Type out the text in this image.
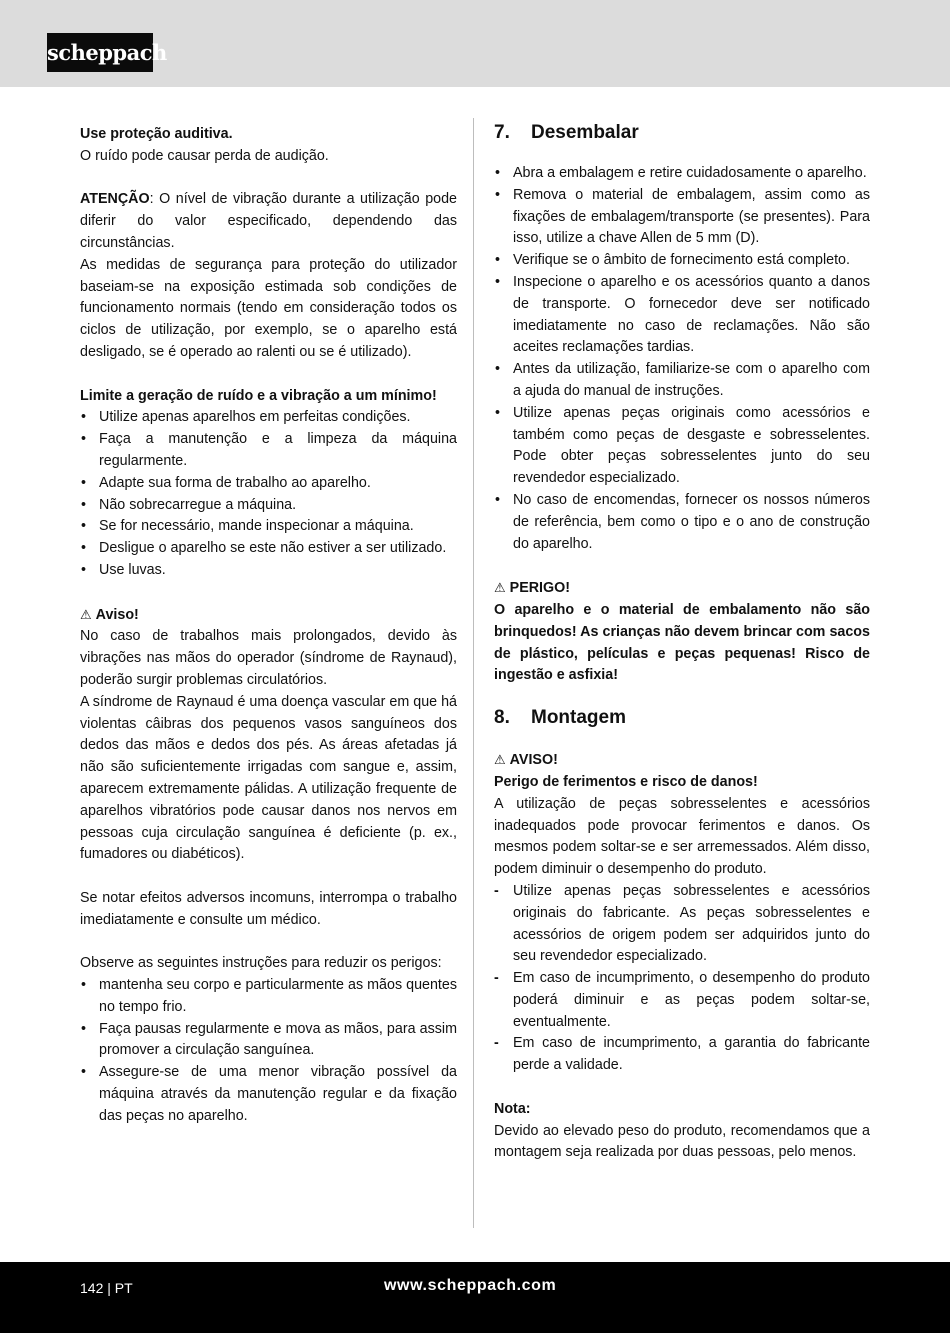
scheppach

Use proteção auditiva.

O ruído pode causar perda de audição.

ATENÇÃO: O nível de vibração durante a utilização pode diferir do valor especificado, dependendo das circunstâncias.

As medidas de segurança para proteção do utilizador baseiam-se na exposição estimada sob condições de funcionamento normais (tendo em consideração todos os ciclos de utilização, por exemplo, se o aparelho está desligado, se é operado ao ralenti ou se é utilizado).

Limite a geração de ruído e a vibração a um mínimo!

• Utilize apenas aparelhos em perfeitas condições.
• Faça a manutenção e a limpeza da máquina regularmente.
• Adapte sua forma de trabalho ao aparelho.
• Não sobrecarregue a máquina.
• Se for necessário, mande inspecionar a máquina.
• Desligue o aparelho se este não estiver a ser utilizado.
• Use luvas.

⚠ Aviso!

No caso de trabalhos mais prolongados, devido às vibrações nas mãos do operador (síndrome de Raynaud), poderão surgir problemas circulatórios.

A síndrome de Raynaud é uma doença vascular em que há violentas câibras dos pequenos vasos sanguíneos dos dedos das mãos e dedos dos pés. As áreas afetadas já não são suficientemente irrigadas com sangue e, assim, aparecem extremamente pálidas. A utilização frequente de aparelhos vibratórios pode causar danos nos nervos em pessoas cuja circulação sanguínea é deficiente (p. ex., fumadores ou diabéticos).

Se notar efeitos adversos incomuns, interrompa o trabalho imediatamente e consulte um médico.

Observe as seguintes instruções para reduzir os perigos:

• mantenha seu corpo e particularmente as mãos quentes no tempo frio.
• Faça pausas regularmente e mova as mãos, para assim promover a circulação sanguínea.
• Assegure-se de uma menor vibração possível da máquina através da manutenção regular e da fixação das peças no aparelho.
7. Desembalar
• Abra a embalagem e retire cuidadosamente o aparelho.
• Remova o material de embalagem, assim como as fixações de embalagem/transporte (se presentes). Para isso, utilize a chave Allen de 5 mm (D).
• Verifique se o âmbito de fornecimento está completo.
• Inspecione o aparelho e os acessórios quanto a danos de transporte. O fornecedor deve ser notificado imediatamente no caso de reclamações. Não são aceites reclamações tardias.
• Antes da utilização, familiarize-se com o aparelho com a ajuda do manual de instruções.
• Utilize apenas peças originais como acessórios e também como peças de desgaste e sobresselentes. Pode obter peças sobresselentes junto do seu revendedor especializado.
• No caso de encomendas, fornecer os nossos números de referência, bem como o tipo e o ano de construção do aparelho.

⚠ PERIGO!

O aparelho e o material de embalamento não são brinquedos! As crianças não devem brincar com sacos de plástico, películas e peças pequenas! Risco de ingestão e asfixia!

8. Montagem

⚠ AVISO!

Perigo de ferimentos e risco de danos!

A utilização de peças sobresselentes e acessórios inadequados pode provocar ferimentos e danos. Os mesmos podem soltar-se e ser arremessados. Além disso, podem diminuir o desempenho do produto.

- Utilize apenas peças sobresselentes e acessórios originais do fabricante. As peças sobresselentes e acessórios de origem podem ser adquiridos junto do seu revendedor especializado.
- Em caso de incumprimento, o desempenho do produto poderá diminuir e as peças podem soltar-se, eventualmente.
- Em caso de incumprimento, a garantia do fabricante perde a validade.

Nota:

Devido ao elevado peso do produto, recomendamos que a montagem seja realizada por duas pessoas, pelo menos.

142 | PT	www.scheppach.com
